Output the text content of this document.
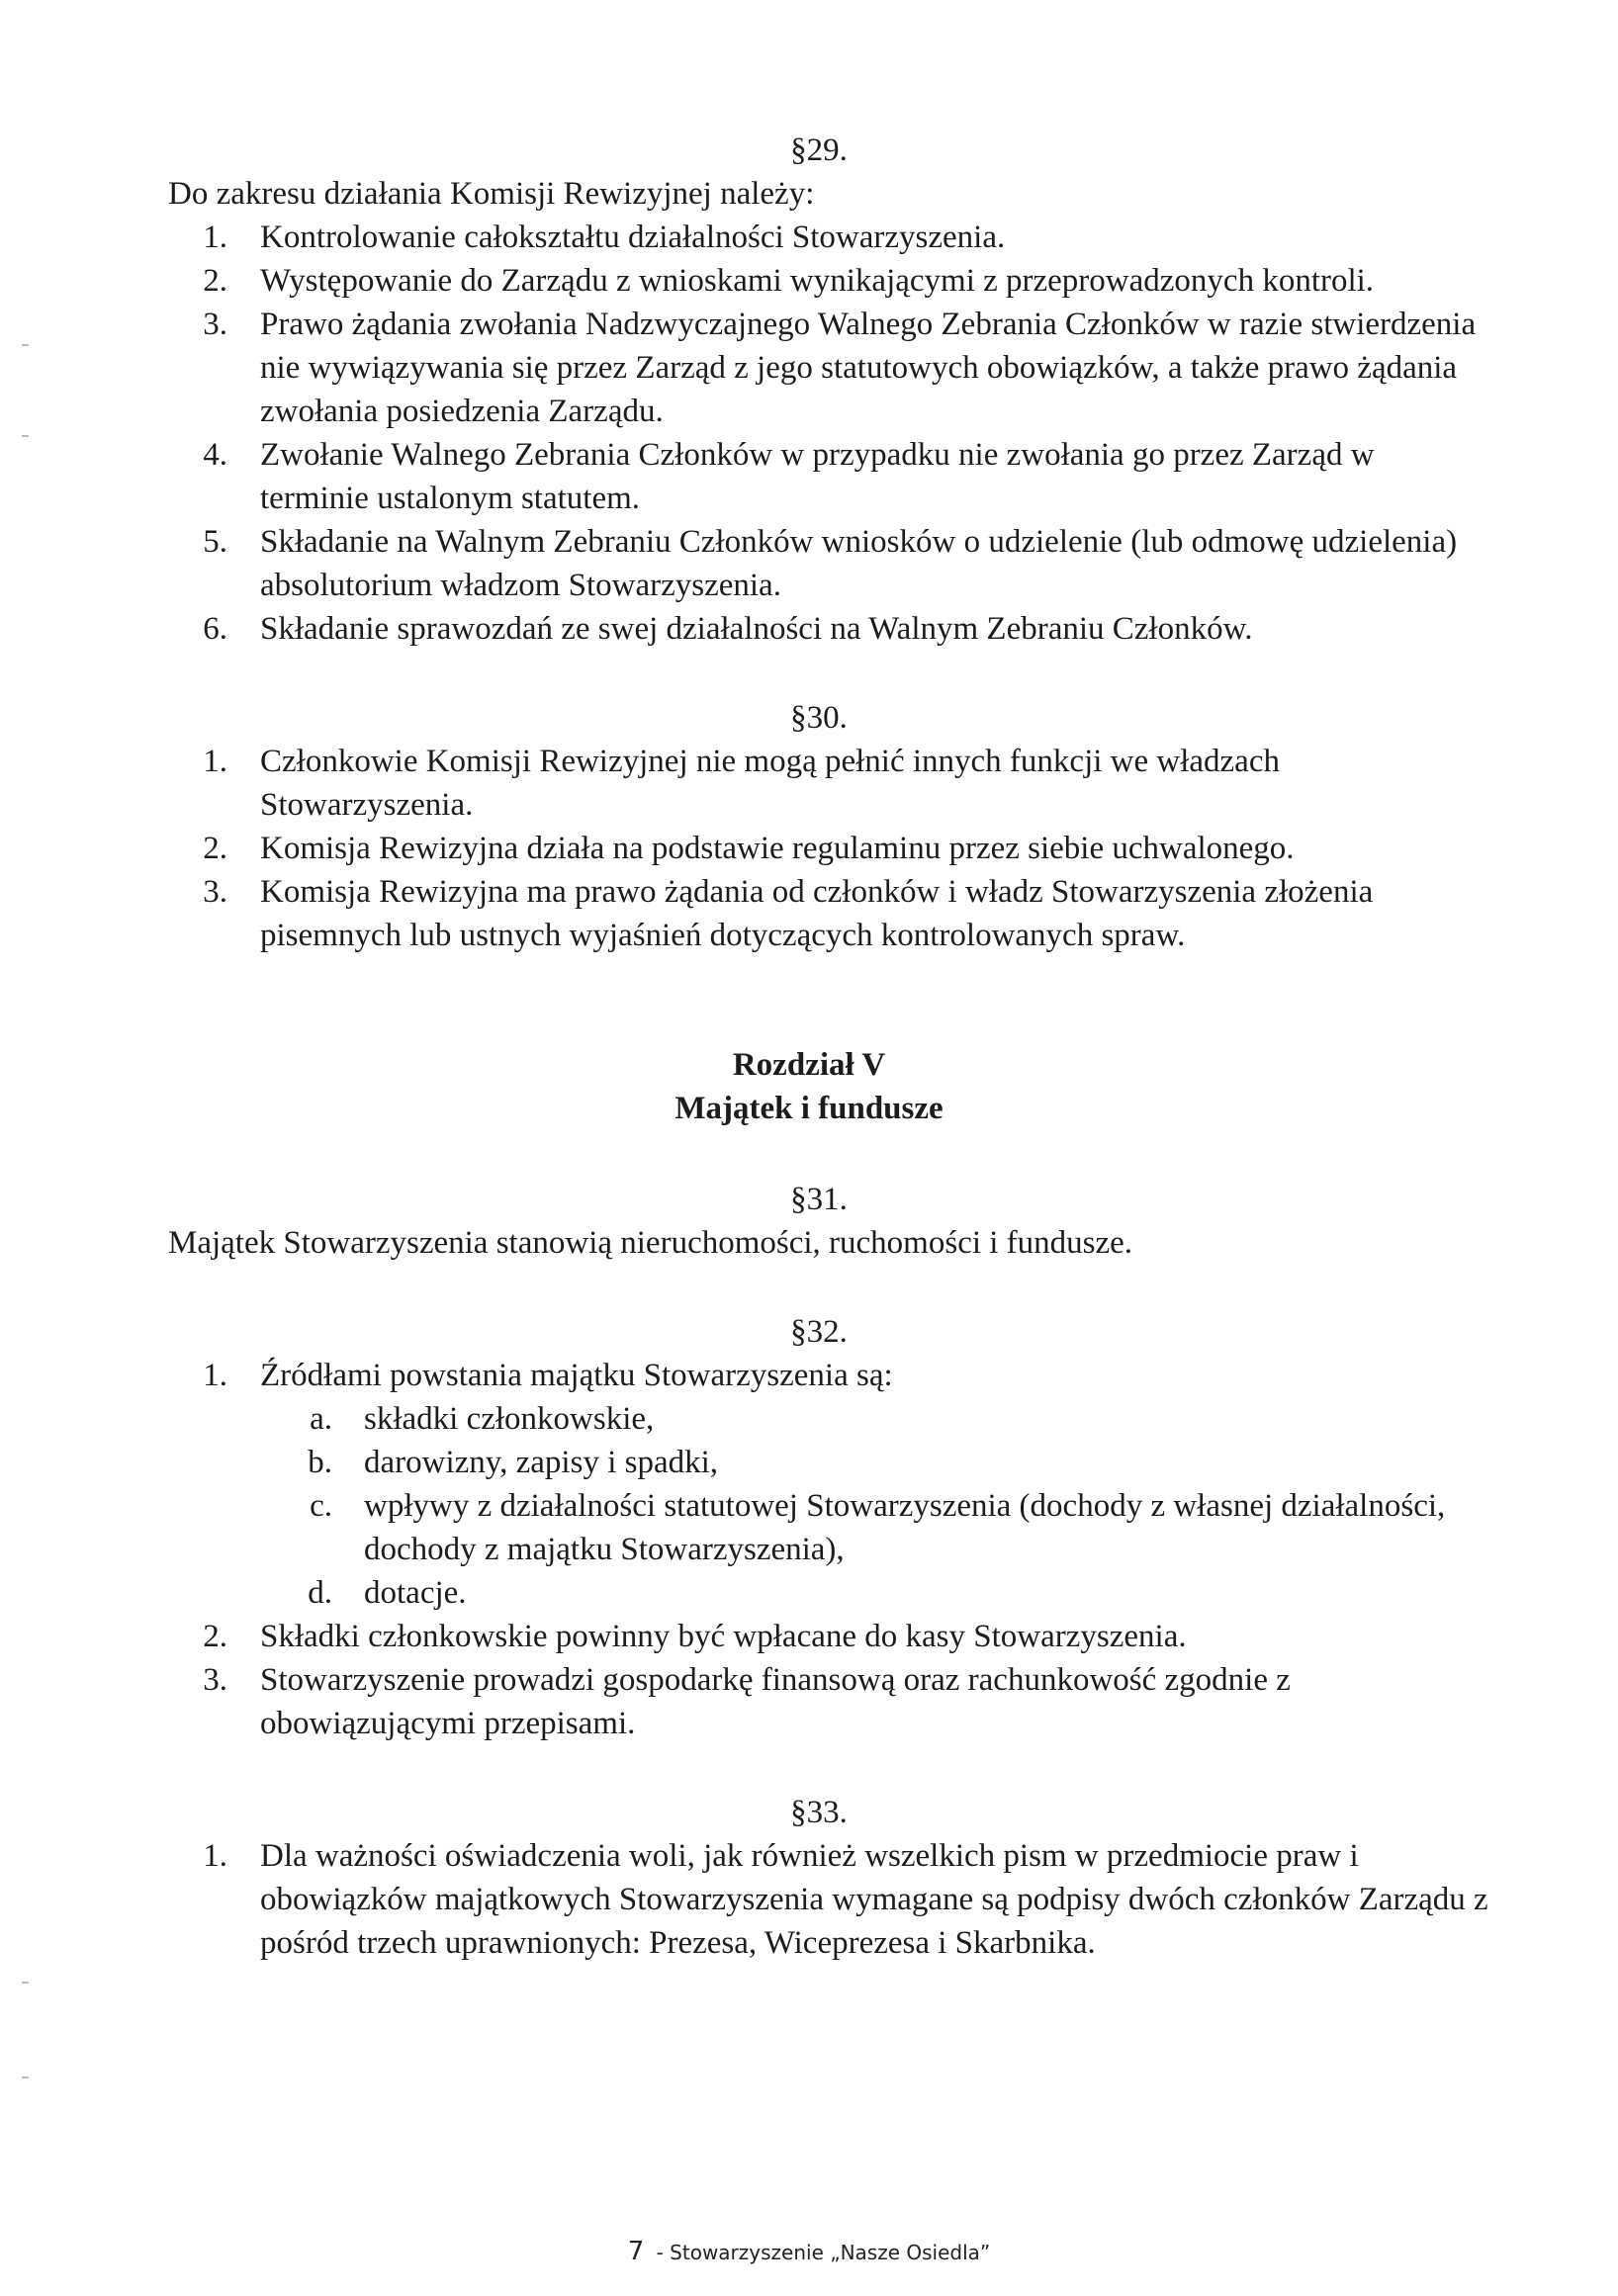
§29.
Do zakresu działania Komisji Rewizyjnej należy:
1. Kontrolowanie całokształtu działalności Stowarzyszenia.
2. Występowanie do Zarządu z wnioskami wynikającymi z przeprowadzonych kontroli.
3. Prawo żądania zwołania Nadzwyczajnego Walnego Zebrania Członków w razie stwierdzenia
nie wywiązywania się przez Zarząd z jego statutowych obowiązków, a także prawo żądania
zwołania posiedzenia Zarządu.
4. Zwołanie Walnego Zebrania Członków w przypadku nie zwołania go przez Zarząd w
terminie ustalonym statutem.
5. Składanie na Walnym Zebraniu Członków wniosków o udzielenie (lub odmowę udzielenia)
absolutorium władzom Stowarzyszenia.
6. Składanie sprawozdań ze swej działalności na Walnym Zebraniu Członków.
§30.
1. Członkowie Komisji Rewizyjnej nie mogą pełnić innych funkcji we władzach
Stowarzyszenia.
2. Komisja Rewizyjna działa na podstawie regulaminu przez siebie uchwalonego.
3. Komisja Rewizyjna ma prawo żądania od członków i władz Stowarzyszenia złożenia
pisemnych lub ustnych wyjaśnień dotyczących kontrolowanych spraw.
Rozdział V
Majątek i fundusze
§31.
Majątek Stowarzyszenia stanowią nieruchomości, ruchomości i fundusze.
§32.
1. Źródłami powstania majątku Stowarzyszenia są:
a. składki członkowskie,
b. darowizny, zapisy i spadki,
c. wpływy z działalności statutowej Stowarzyszenia (dochody z własnej działalności,
dochody z majątku Stowarzyszenia),
d. dotacje.
2. Składki członkowskie powinny być wpłacane do kasy Stowarzyszenia.
3. Stowarzyszenie prowadzi gospodarkę finansową oraz rachunkowość zgodnie z
obowiązującymi przepisami.
§33.
1. Dla ważności oświadczenia woli, jak również wszelkich pism w przedmiocie praw i
obowiązków majątkowych Stowarzyszenia wymagane są podpisy dwóch członków Zarządu z
pośród trzech uprawnionych: Prezesa, Wiceprezesa i Skarbnika.
7 - Stowarzyszenie „Nasze Osiedla”
